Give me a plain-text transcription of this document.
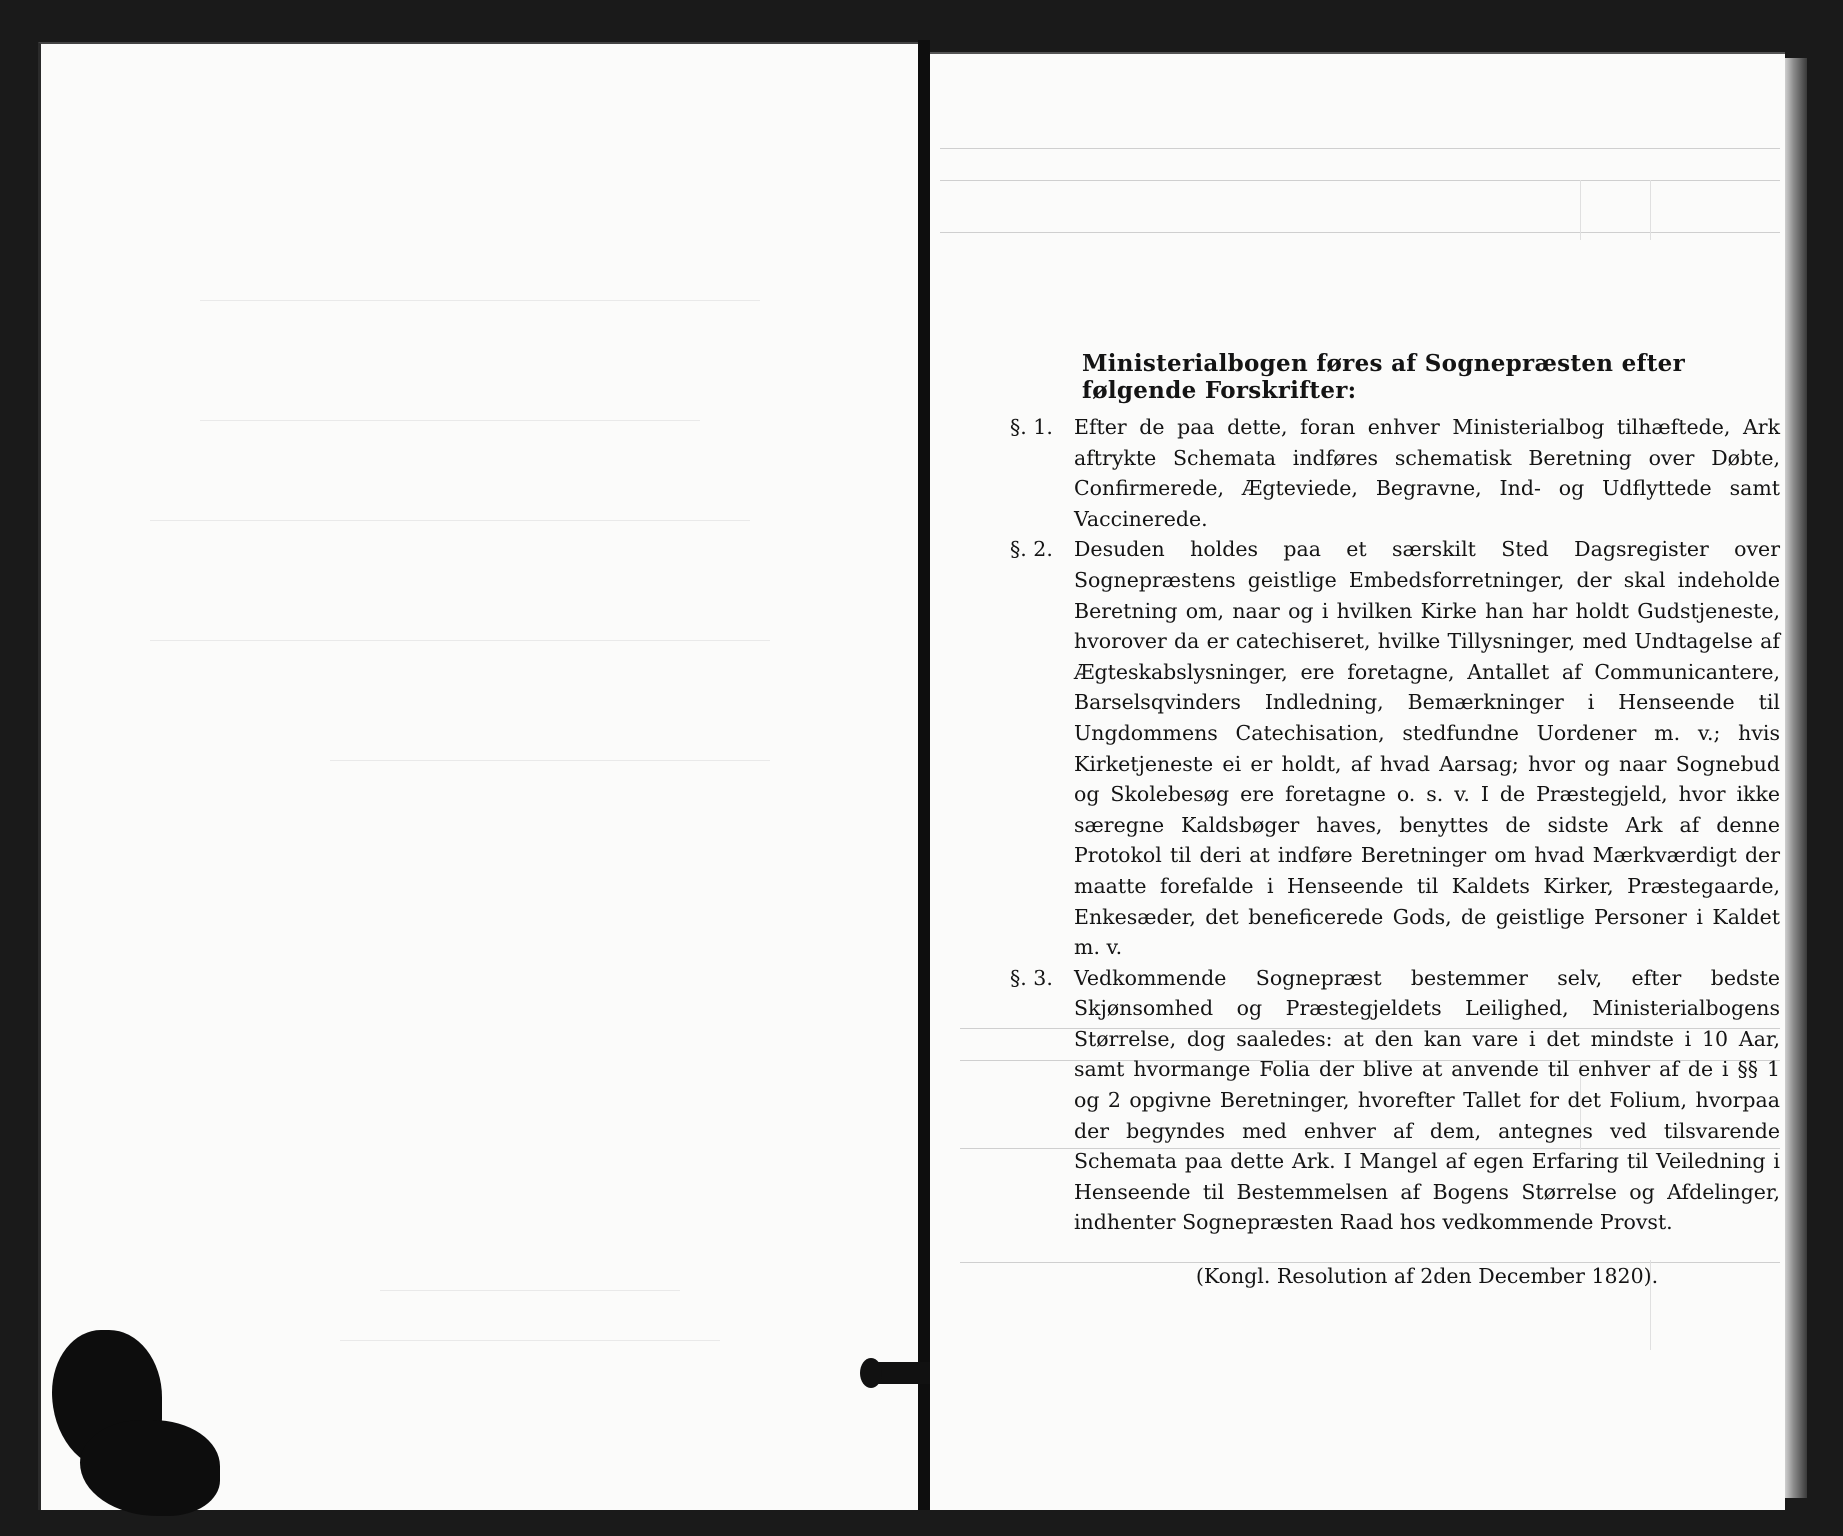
Ministerialbogen føres af Sognepræsten efter følgende Forskrifter:
§. 1.	Efter de paa dette, foran enhver Ministerialbog tilhæftede, Ark aftrykte Schemata indføres schematisk Beretning over Døbte, Confirmerede, Ægteviede, Begravne, Ind- og Udflyttede samt Vaccinerede.
§. 2.	Desuden holdes paa et særskilt Sted Dagsregister over Sognepræstens geistlige Embedsforretninger, der skal indeholde Beretning om, naar og i hvilken Kirke han har holdt Gudstjeneste, hvorover da er catechiseret, hvilke Tillysninger, med Undtagelse af Ægteskabslysninger, ere foretagne, Antallet af Communicantere, Barselsqvinders Indledning, Bemærkninger i Henseende til Ungdommens Catechisation, stedfundne Uordener m. v.; hvis Kirketjeneste ei er holdt, af hvad Aarsag; hvor og naar Sognebud og Skolebesøg ere foretagne o. s. v. I de Præstegjeld, hvor ikke særegne Kaldsbøger haves, benyttes de sidste Ark af denne Protokol til deri at indføre Beretninger om hvad Mærkværdigt der maatte forefalde i Henseende til Kaldets Kirker, Præstegaarde, Enkesæder, det beneficerede Gods, de geistlige Personer i Kaldet m. v.
§. 3.	Vedkommende Sognepræst bestemmer selv, efter bedste Skjønsomhed og Præstegjeldets Leilighed, Ministerialbogens Størrelse, dog saaledes: at den kan vare i det mindste i 10 Aar, samt hvormange Folia der blive at anvende til enhver af de i §§ 1 og 2 opgivne Beretninger, hvorefter Tallet for det Folium, hvorpaa der begyndes med enhver af dem, antegnes ved tilsvarende Schemata paa dette Ark. I Mangel af egen Erfaring til Veiledning i Henseende til Bestemmelsen af Bogens Størrelse og Afdelinger, indhenter Sognepræsten Raad hos vedkommende Provst.
(Kongl. Resolution af 2den December 1820).
